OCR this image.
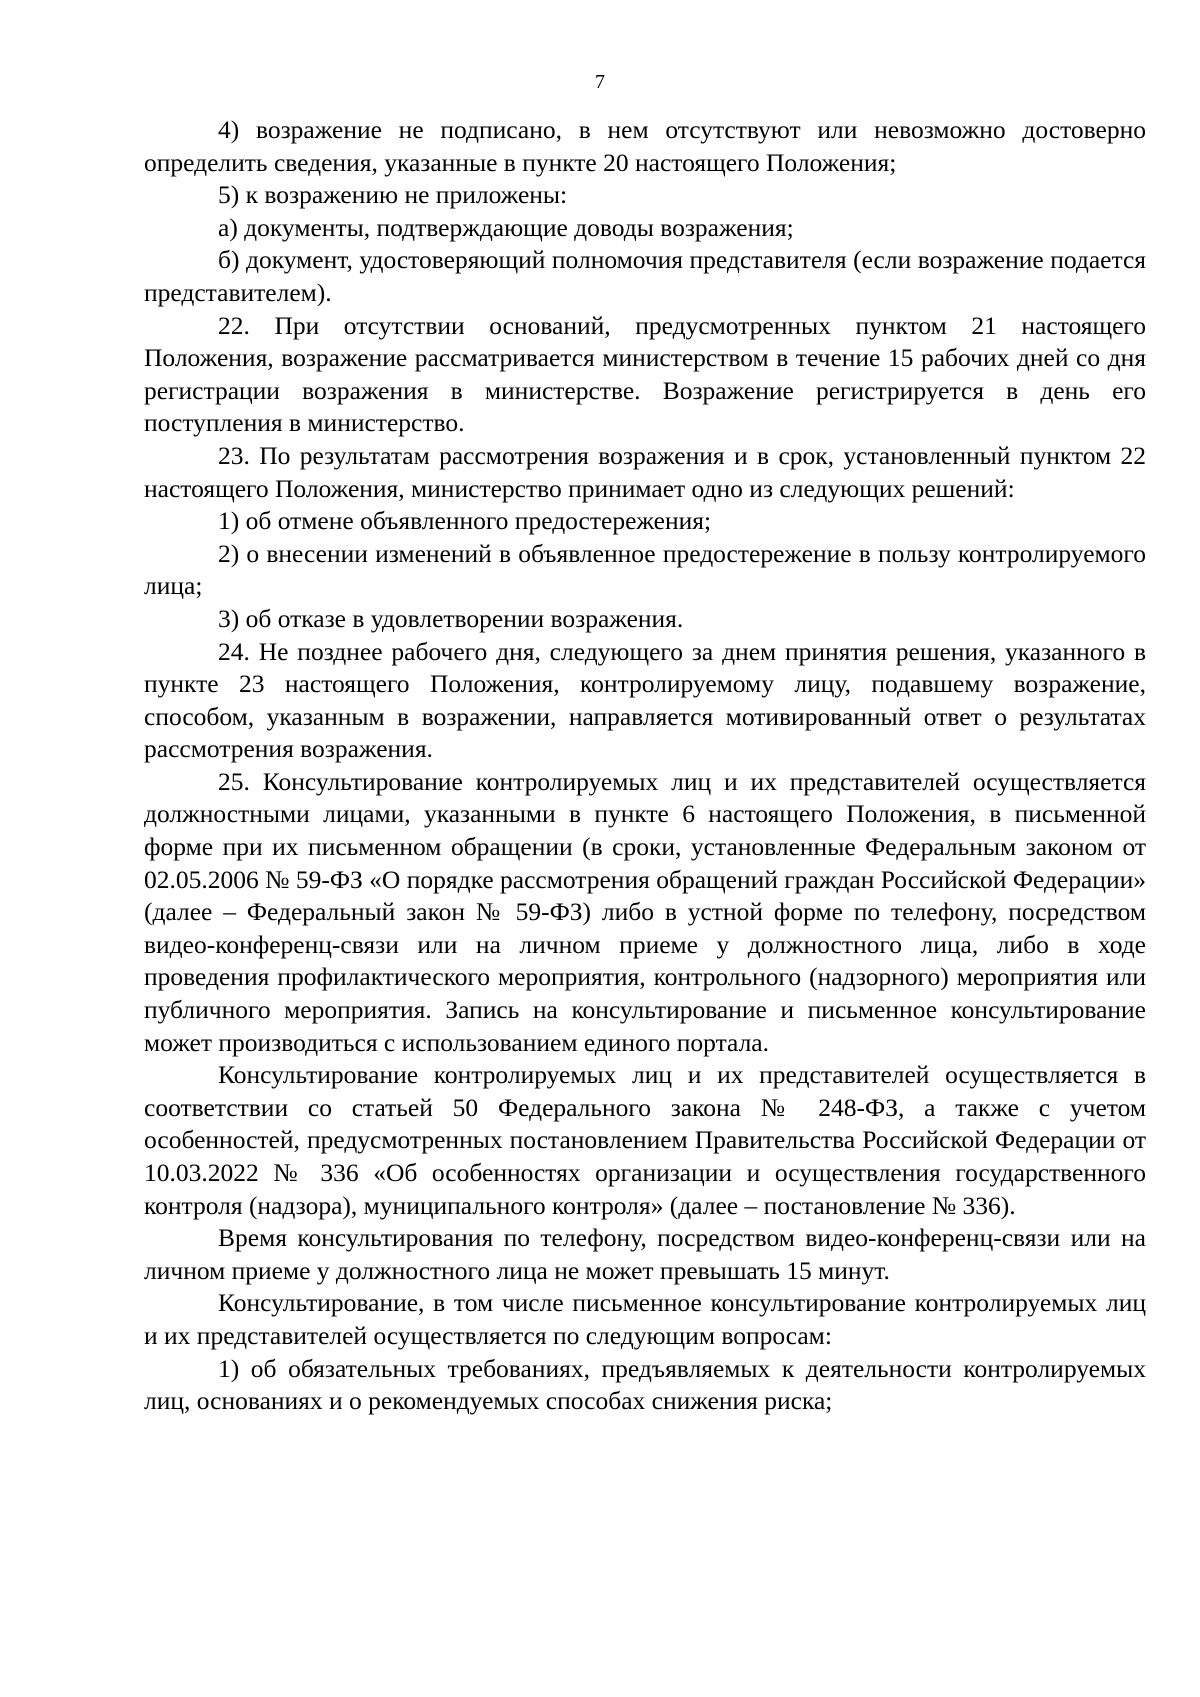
7

4) возражение не подписано, в нем отсутствуют или невозможно достоверно определить сведения, указанные в пункте 20 настоящего Положения;

5) к возражению не приложены:

а) документы, подтверждающие доводы возражения;

б) документ, удостоверяющий полномочия представителя (если возражение подается представителем).

22. При отсутствии оснований, предусмотренных пунктом 21 настоящего Положения, возражение рассматривается министерством в течение 15 рабочих дней со дня регистрации возражения в министерстве. Возражение регистрируется в день его поступления в министерство.

23. По результатам рассмотрения возражения и в срок, установленный пунктом 22 настоящего Положения, министерство принимает одно из следующих решений:

1) об отмене объявленного предостережения;

2) о внесении изменений в объявленное предостережение в пользу контролируемого лица;

3) об отказе в удовлетворении возражения.

24. Не позднее рабочего дня, следующего за днем принятия решения, указанного в пункте 23 настоящего Положения, контролируемому лицу, подавшему возражение, способом, указанным в возражении, направляется мотивированный ответ о результатах рассмотрения возражения.

25. Консультирование контролируемых лиц и их представителей осуществляется должностными лицами, указанными в пункте 6 настоящего Положения, в письменной форме при их письменном обращении (в сроки, установленные Федеральным законом от 02.05.2006 № 59-ФЗ «О порядке рассмотрения обращений граждан Российской Федерации» (далее – Федеральный закон № 59-ФЗ) либо в устной форме по телефону, посредством видео-конференц-связи или на личном приеме у должностного лица, либо в ходе проведения профилактического мероприятия, контрольного (надзорного) мероприятия или публичного мероприятия. Запись на консультирование и письменное консультирование может производиться с использованием единого портала.

Консультирование контролируемых лиц и их представителей осуществляется в соответствии со статьей 50 Федерального закона № 248-ФЗ, а также с учетом особенностей, предусмотренных постановлением Правительства Российской Федерации от 10.03.2022 № 336 «Об особенностях организации и осуществления государственного контроля (надзора), муниципального контроля» (далее – постановление № 336).

Время консультирования по телефону, посредством видео-конференц-связи или на личном приеме у должностного лица не может превышать 15 минут.

Консультирование, в том числе письменное консультирование контролируемых лиц и их представителей осуществляется по следующим вопросам:

1) об обязательных требованиях, предъявляемых к деятельности контролируемых лиц, основаниях и о рекомендуемых способах снижения риска;
